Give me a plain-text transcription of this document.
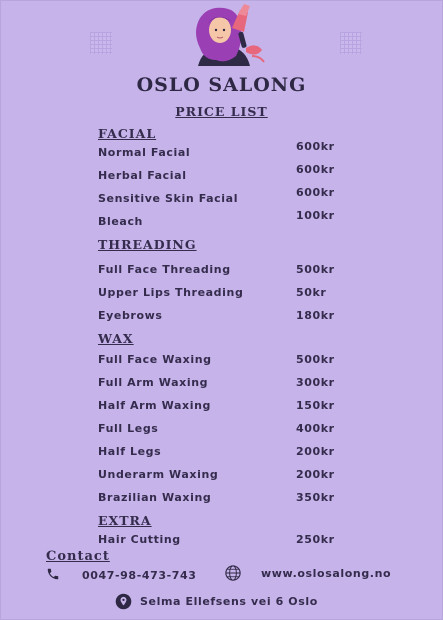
OSLO SALONG
PRICE LIST
FACIAL
Normal Facial	600kr
Herbal Facial	600kr
Sensitive Skin Facial	600kr
Bleach	100kr
THREADING
Full Face Threading	500kr
Upper Lips Threading	50kr
Eyebrows	180kr
WAX
Full Face Waxing	500kr
Full Arm Waxing	300kr
Half Arm Waxing	150kr
Full Legs	400kr
Half Legs	200kr
Underarm Waxing	200kr
Brazilian Waxing	350kr
EXTRA
Hair Cutting	250kr
Contact
0047-98-473-743	www.oslosalong.no
Selma Ellefsens vei 6 Oslo
